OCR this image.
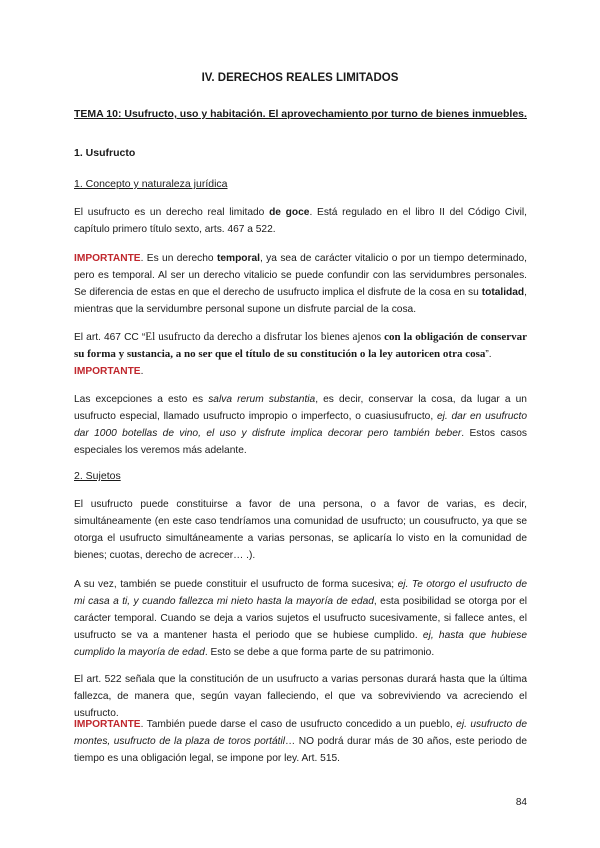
IV. DERECHOS REALES LIMITADOS
TEMA 10: Usufructo, uso y habitación. El aprovechamiento por turno de bienes inmuebles.
1. Usufructo
1. Concepto y naturaleza jurídica
El usufructo es un derecho real limitado de goce. Está regulado en el libro II del Código Civil, capítulo primero título sexto, arts. 467 a 522.
IMPORTANTE. Es un derecho temporal, ya sea de carácter vitalicio o por un tiempo determinado, pero es temporal. Al ser un derecho vitalicio se puede confundir con las servidumbres personales. Se diferencia de estas en que el derecho de usufructo implica el disfrute de la cosa en su totalidad, mientras que la servidumbre personal supone un disfrute parcial de la cosa.
El art. 467 CC “El usufructo da derecho a disfrutar los bienes ajenos con la obligación de conservar su forma y sustancia, a no ser que el título de su constitución o la ley autoricen otra cosa”.
IMPORTANTE.
Las excepciones a esto es salva rerum substantia, es decir, conservar la cosa, da lugar a un usufructo especial, llamado usufructo impropio o imperfecto, o cuasiusufructo, ej. dar en usufructo dar 1000 botellas de vino, el uso y disfrute implica decorar pero también beber. Estos casos especiales los veremos más adelante.
2. Sujetos
El usufructo puede constituirse a favor de una persona, o a favor de varias, es decir, simultáneamente (en este caso tendríamos una comunidad de usufructo; un cousufructo, ya que se otorga el usufructo simultáneamente a varias personas, se aplicaría lo visto en la comunidad de bienes; cuotas, derecho de acrecer… .).
A su vez, también se puede constituir el usufructo de forma sucesiva; ej. Te otorgo el usufructo de mi casa a ti, y cuando fallezca mi nieto hasta la mayoría de edad, esta posibilidad se otorga por el carácter temporal. Cuando se deja a varios sujetos el usufructo sucesivamente, si fallece antes, el usufructo se va a mantener hasta el periodo que se hubiese cumplido. ej, hasta que hubiese cumplido la mayoría de edad. Esto se debe a que forma parte de su patrimonio.
El art. 522 señala que la constitución de un usufructo a varias personas durará hasta que la última fallezca, de manera que, según vayan falleciendo, el que va sobreviviendo va acreciendo el usufructo.
IMPORTANTE. También puede darse el caso de usufructo concedido a un pueblo, ej. usufructo de montes, usufructo de la plaza de toros portátil… NO podrá durar más de 30 años, este periodo de tiempo es una obligación legal, se impone por ley. Art. 515.
84
